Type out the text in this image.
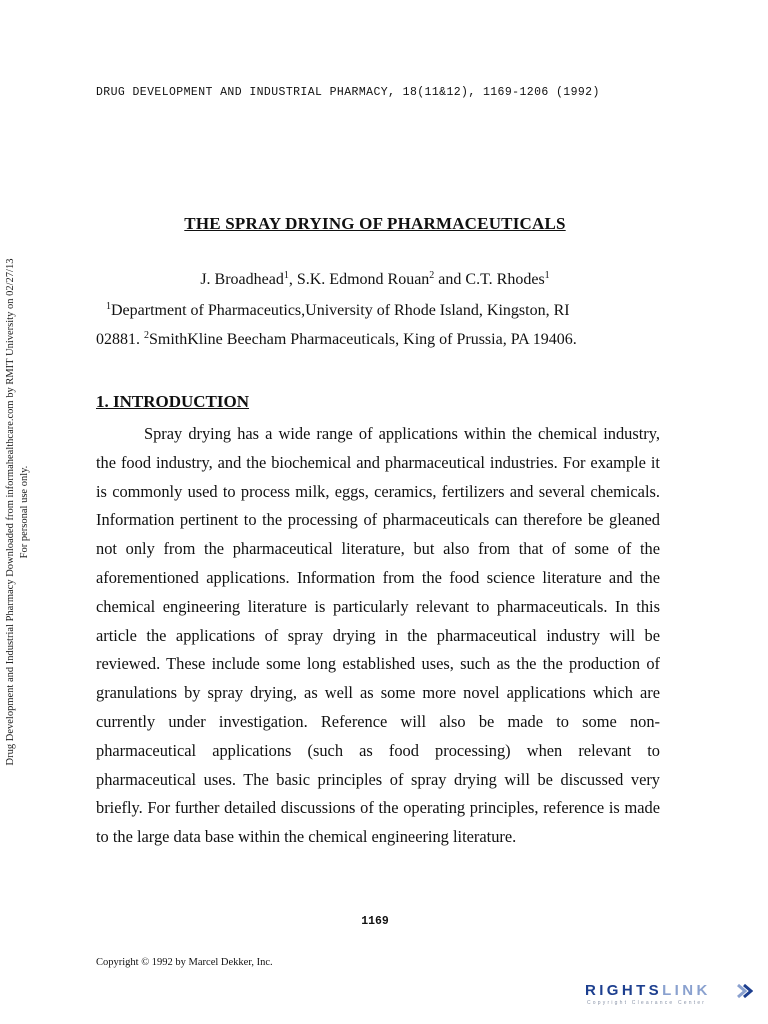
DRUG DEVELOPMENT AND INDUSTRIAL PHARMACY, 18(11&12), 1169-1206 (1992)
Drug Development and Industrial Pharmacy Downloaded from informahealthcare.com by RMIT University on 02/27/13 For personal use only.
THE SPRAY DRYING OF PHARMACEUTICALS
J. Broadhead$^1$, S.K. Edmond Rouan$^2$ and C.T. Rhodes$^1$
$^1$Department of Pharmaceutics,University of Rhode Island, Kingston, RI
02881. $^2$SmithKline Beecham Pharmaceuticals, King of Prussia, PA 19406.
1. INTRODUCTION

Spray drying has a wide range of applications within the chemical industry, the food industry, and the biochemical and pharmaceutical industries. For example it is commonly used to process milk, eggs, ceramics, fertilizers and several chemicals. Information pertinent to the processing of pharmaceuticals can therefore be gleaned not only from the pharmaceutical literature, but also from that of some of the aforementioned applications. Information from the food science literature and the chemical engineering literature is particularly relevant to pharmaceuticals. In this article the applications of spray drying in the pharmaceutical industry will be reviewed. These include some long established uses, such as the the production of granulations by spray drying, as well as some more novel applications which are currently under investigation. Reference will also be made to some non-pharmaceutical applications (such as food processing) when relevant to pharmaceutical uses. The basic principles of spray drying will be discussed very briefly. For further detailed discussions of the operating principles, reference is made to the large data base within the chemical engineering literature.

1169
Copyright © 1992 by Marcel Dekker, Inc.
RIGHTSLINK
Copyright Clearance Center
